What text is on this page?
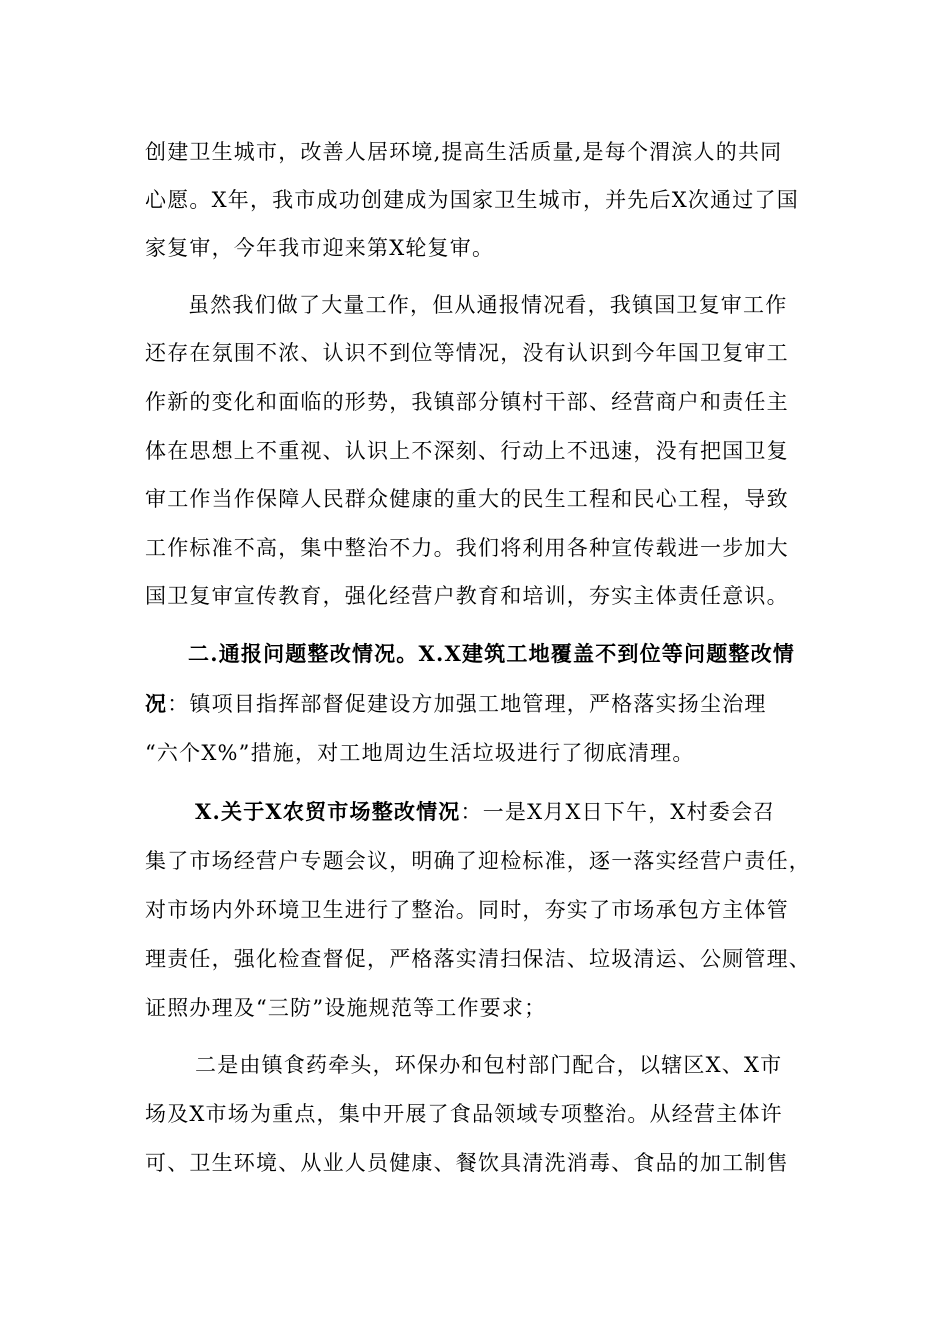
创建卫生城市，改善人居环境,提高生活质量,是每个渭滨人的共同
心愿。X年，我市成功创建成为国家卫生城市，并先后X次通过了国
家复审，今年我市迎来第X轮复审。
虽然我们做了大量工作，但从通报情况看，我镇国卫复审工作
还存在氛围不浓、认识不到位等情况，没有认识到今年国卫复审工
作新的变化和面临的形势，我镇部分镇村干部、经营商户和责任主
体在思想上不重视、认识上不深刻、行动上不迅速，没有把国卫复
审工作当作保障人民群众健康的重大的民生工程和民心工程，导致
工作标准不高，集中整治不力。我们将利用各种宣传载进一步加大
国卫复审宣传教育，强化经营户教育和培训，夯实主体责任意识。
二.通报问题整改情况。X.X建筑工地覆盖不到位等问题整改情
况：镇项目指挥部督促建设方加强工地管理，严格落实扬尘治理
“六个X%”措施，对工地周边生活垃圾进行了彻底清理。
X.关于X农贸市场整改情况：一是X月X日下午，X村委会召
集了市场经营户专题会议，明确了迎检标准，逐一落实经营户责任，
对市场内外环境卫生进行了整治。同时，夯实了市场承包方主体管
理责任，强化检查督促，严格落实清扫保洁、垃圾清运、公厕管理、
证照办理及“三防”设施规范等工作要求；
二是由镇食药牵头，环保办和包村部门配合，以辖区X、X市
场及X市场为重点，集中开展了食品领域专项整治。从经营主体许
可、卫生环境、从业人员健康、餐饮具清洗消毒、食品的加工制售
